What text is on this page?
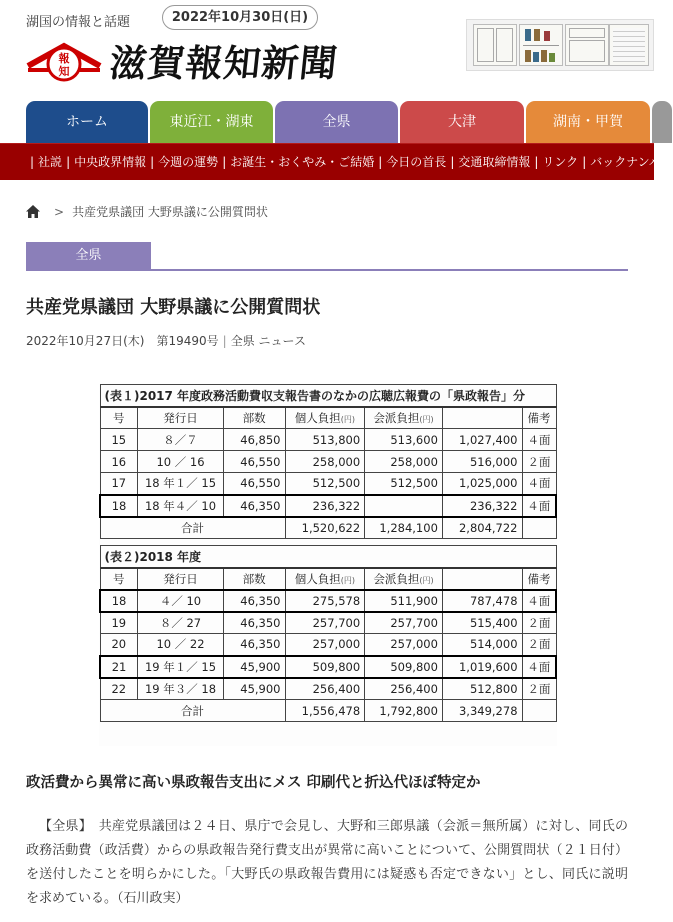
湖国の情報と話題	2022年10月30日(日)
報
知 滋賀報知新聞
ホーム	東近江・湖東	全県	大津	湖南・甲賀
| 社説 | 中央政界情報 | 今週の運勢 | お誕生・おくやみ・ご結婚 | 今日の首長 | 交通取締情報 | リンク | バックナンバー
> 共産党県議団 大野県議に公開質問状
全県
共産党県議団 大野県議に公開質問状
2022年10月27日(木)　 第19490号 | 全県 ニュース
(表１)2017 年度政務活動費収支報告書のなかの広聴広報費の「県政報告」分						
号	発行日	部数	個人負担(円)	会派負担(円)		備考
15	８／７	46,850	513,800	513,600	1,027,400	４面
16	10 ／ 16	46,550	258,000	258,000	516,000	２面
17	18 年１／ 15	46,550	512,500	512,500	1,025,000	４面
18	18 年４／ 10	46,350	236,322		236,322	４面
合計			1,520,622	1,284,100	2,804,722	
(表２)2018 年度						
号	発行日	部数	個人負担(円)	会派負担(円)		備考
18	４／ 10	46,350	275,578	511,900	787,478	４面
19	８／ 27	46,350	257,700	257,700	515,400	２面
20	10 ／ 22	46,350	257,000	257,000	514,000	２面
21	19 年１／ 15	45,900	509,800	509,800	1,019,600	４面
22	19 年３／ 18	45,900	256,400	256,400	512,800	２面
合計			1,556,478	1,792,800	3,349,278	
政活費から異常に高い県政報告支出にメス 印刷代と折込代ほぼ特定か
【全県】　共産党県議団は２４日、県庁で会見し、大野和三郎県議（会派＝無所属）に対し、同氏の政務活動費（政活費）からの県政報告発行費支出が異常に高いことについて、公開質問状（２１日付）を送付したことを明らかにした。「大野氏の県政報告費用には疑惑も否定できない」とし、同氏に説明を求めている。（石川政実）
